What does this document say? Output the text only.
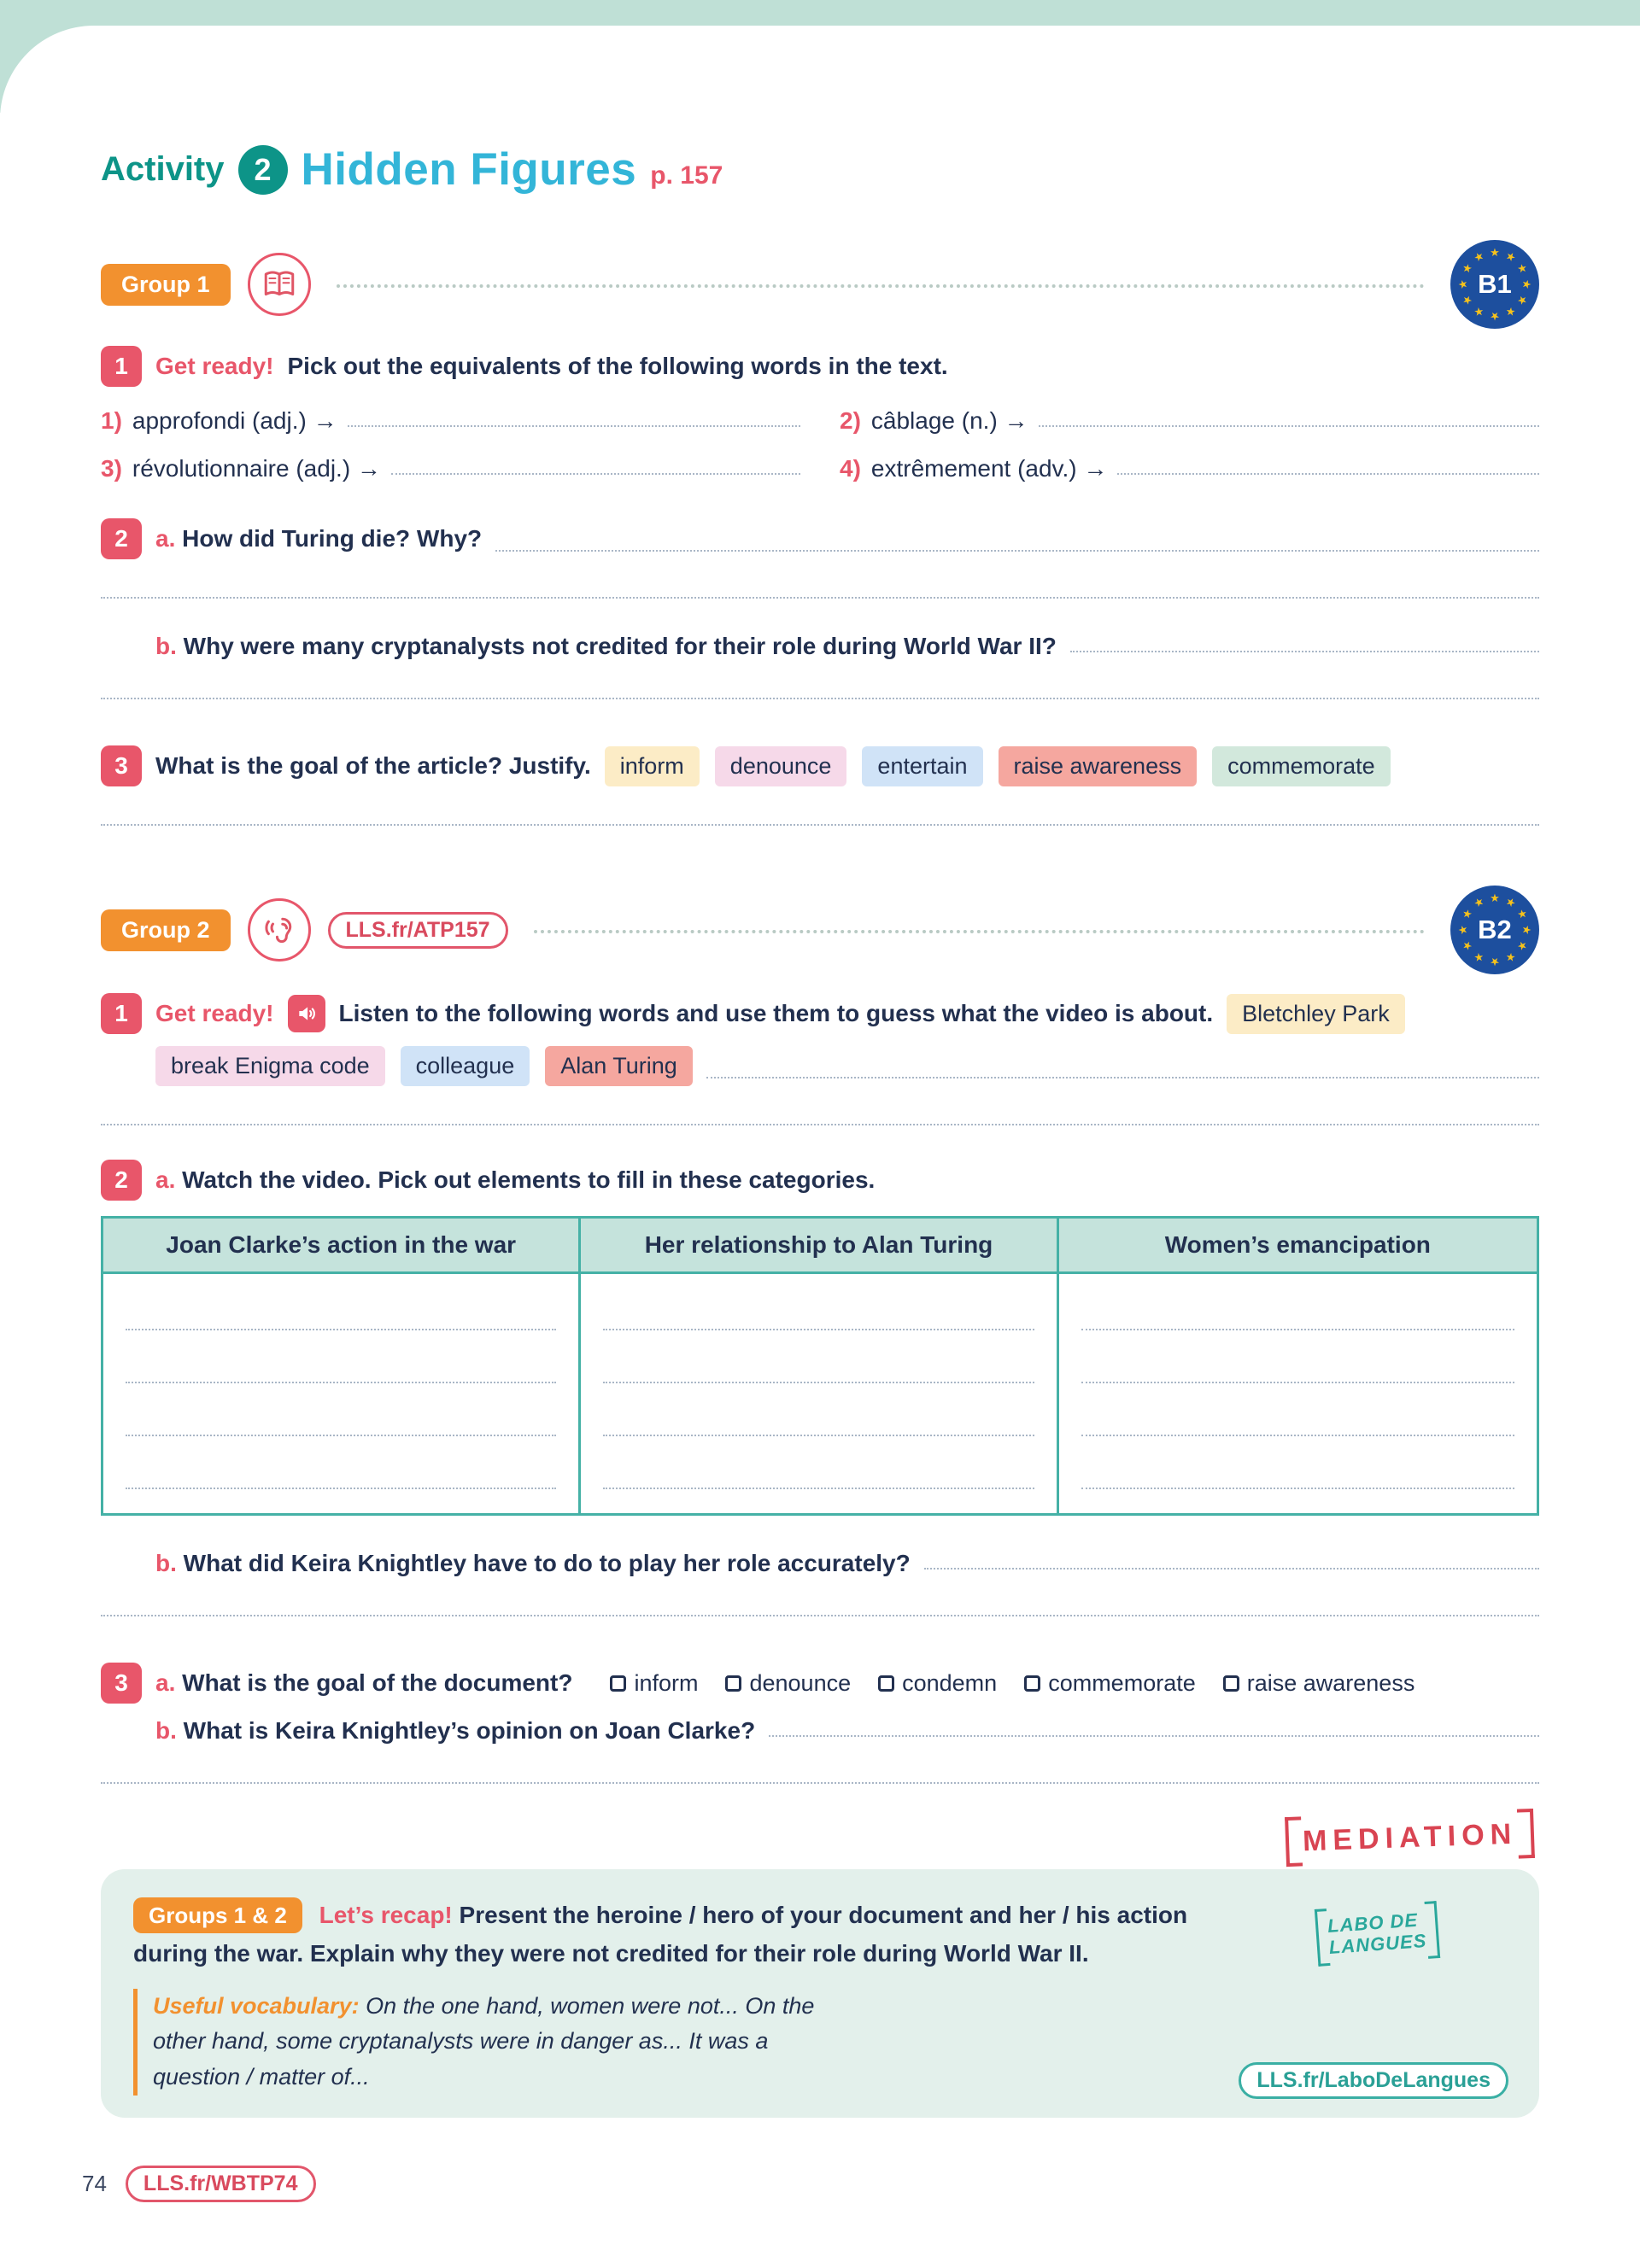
Activity 2 Hidden Figures p. 157
Group 1	B1
★ ★
★
★
★
★
★
★
★
★
★
★
1	Get ready! Pick out the equivalents of the following words in the text.
1) approfondi (adj.) →	2) câblage (n.) →
3) révolutionnaire (adj.) →	4) extrêmement (adv.) →
2	a. How did Turing die? Why?
b. Why were many cryptanalysts not credited for their role during World War II?
3	What is the goal of the article? Justify.	inform	denounce	entertain	raise awareness	commemorate
Group 2	LLS.fr/ATP157	B2
★ ★
★
★
★
★
★
★
★
★
★
★
1	Get ready!	Listen to the following words and use them to guess what the video is about.	Bletchley Park
break Enigma code	colleague	Alan Turing
2	a. Watch the video. Pick out elements to fill in these categories.
Joan Clarke’s action in the war	Her relationship to Alan Turing	Women’s emancipation
b. What did Keira Knightley have to do to play her role accurately?
3	a. What is the goal of the document?	inform denounce condemn commemorate raise awareness
b. What is Keira Knightley’s opinion on Joan Clarke?
MEDIATION

Groups 1 & 2 Let’s recap! Present the heroine / hero of your document and her / his action during the war. Explain why they were not credited for their role during World War II.

Useful vocabulary: On the one hand, women were not... On the other hand, some cryptanalysts were in danger as... It was a question / matter of...
LABO DE
LANGUES
LLS.fr/LaboDeLangues
74	LLS.fr/WBTP74
